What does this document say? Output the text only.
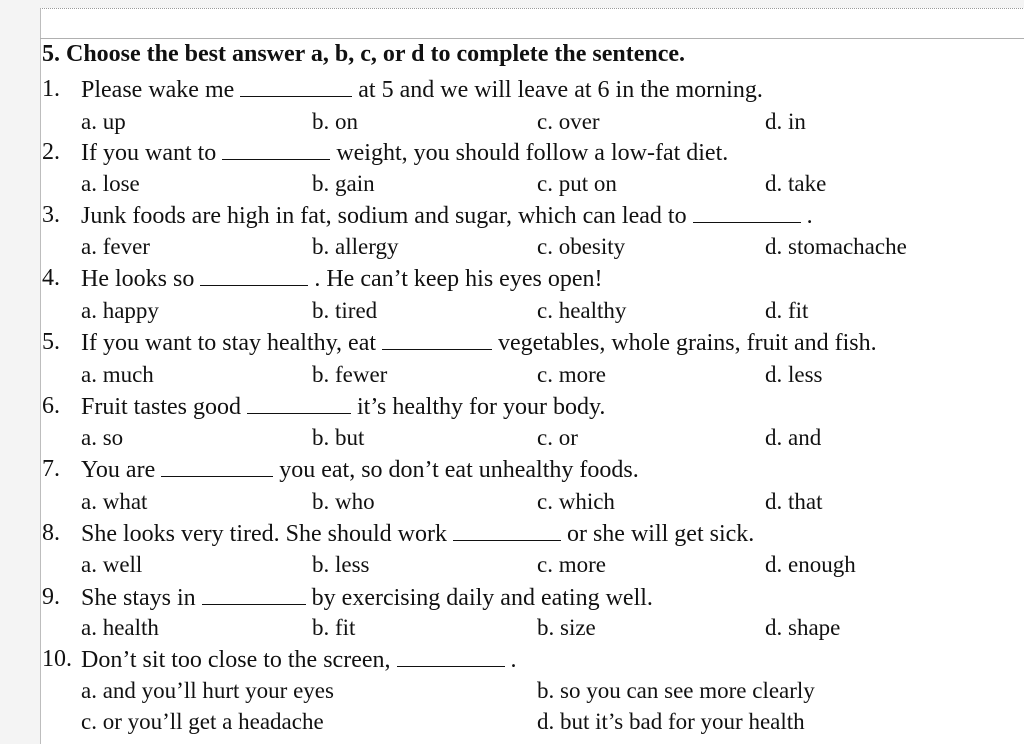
5. Choose the best answer a, b, c, or d to complete the sentence.
1. Please wake me	at 5 and we will leave at 6 in the morning.
a. up	b. on	c. over	d. in
2. If you want to	weight, you should follow a low-fat diet.
a. lose	b. gain	c. put on	d. take
3. Junk foods are high in fat, sodium and sugar, which can lead to	.
a. fever	b. allergy	c. obesity	d. stomachache
4. He looks so	. He can’t keep his eyes open!
a. happy	b. tired	c. healthy	d. fit
5. If you want to stay healthy, eat	vegetables, whole grains, fruit and fish.
a. much	b. fewer	c. more	d. less
6. Fruit tastes good	it’s healthy for your body.
a. so	b. but	c. or	d. and
7. You are	you eat, so don’t eat unhealthy foods.
a. what	b. who	c. which	d. that
8. She looks very tired. She should work	or she will get sick.
a. well	b. less	c. more	d. enough
9. She stays in	by exercising daily and eating well.
a. health	b. fit	b. size	d. shape
10. Don’t sit too close to the screen,	.
a. and you’ll hurt your eyes	b. so you can see more clearly
c. or you’ll get a headache	d. but it’s bad for your health
